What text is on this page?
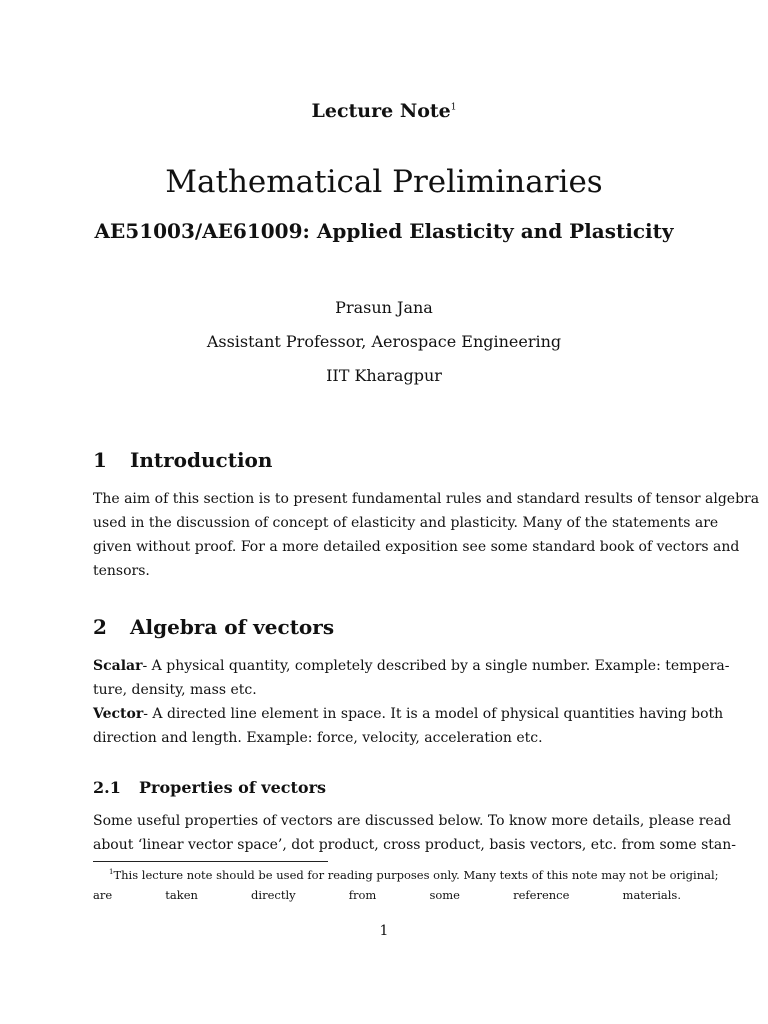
Lecture Note$^1$
Mathematical Preliminaries
AE51003/AE61009: Applied Elasticity and Plasticity
Prasun Jana
Assistant Professor, Aerospace Engineering
IIT Kharagpur
1 Introduction
The aim of this section is to present fundamental rules and standard results of tensor algebra
used in the discussion of concept of elasticity and plasticity. Many of the statements are
given without proof. For a more detailed exposition see some standard book of vectors and
tensors.
2 Algebra of vectors
Scalar- A physical quantity, completely described by a single number. Example: tempera-
ture, density, mass etc.
Vector- A directed line element in space. It is a model of physical quantities having both
direction and length. Example: force, velocity, acceleration etc.
2.1 Properties of vectors
Some useful properties of vectors are discussed below. To know more details, please read
about ‘linear vector space’, dot product, cross product, basis vectors, etc. from some stan-
$^1$This lecture note should be used for reading purposes only. Many texts of this note may not be original;
are taken directly from some reference materials.
1
